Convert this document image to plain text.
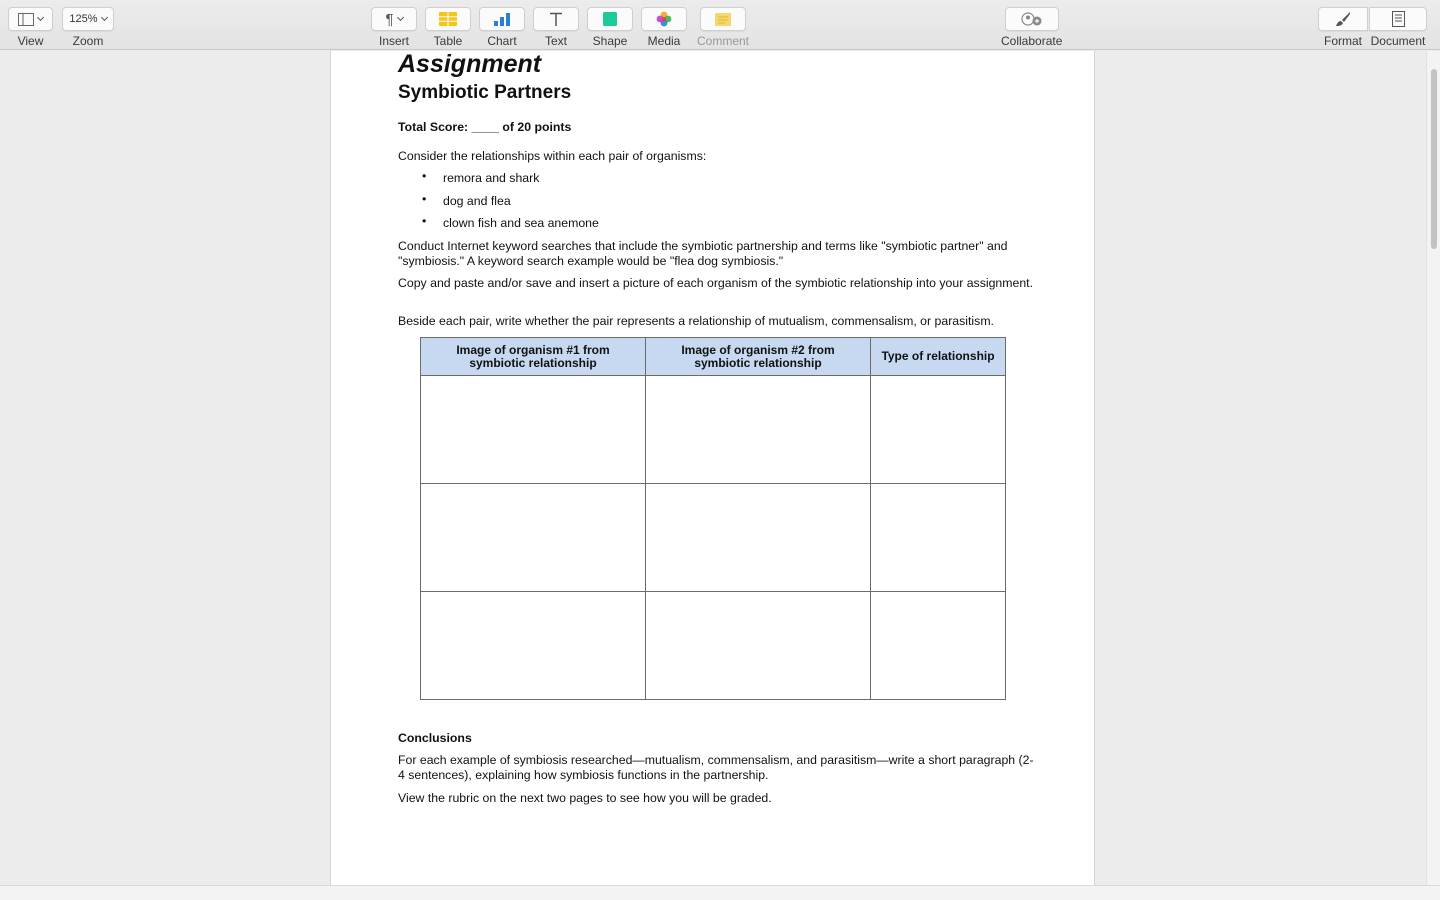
View
125%
Zoom
¶
Insert Table Chart Text Shape Media Comment	Collaborate	Format Document
Assignment
Symbiotic Partners
Total Score: ____ of 20 points
Consider the relationships within each pair of organisms:
• remora and shark
• dog and flea
• clown fish and sea anemone
Conduct Internet keyword searches that include the symbiotic partnership and terms like "symbiotic partner" and "symbiosis." A keyword search example would be "flea dog symbiosis."
Copy and paste and/or save and insert a picture of each organism of the symbiotic relationship into your assignment.
Beside each pair, write whether the pair represents a relationship of mutualism, commensalism, or parasitism.
Image of organism #1 from symbiotic relationship	Image of organism #2 from symbiotic relationship	Type of relationship

Conclusions
For each example of symbiosis researched—mutualism, commensalism, and parasitism—write a short paragraph (2-4 sentences), explaining how symbiosis functions in the partnership.
View the rubric on the next two pages to see how you will be graded.
